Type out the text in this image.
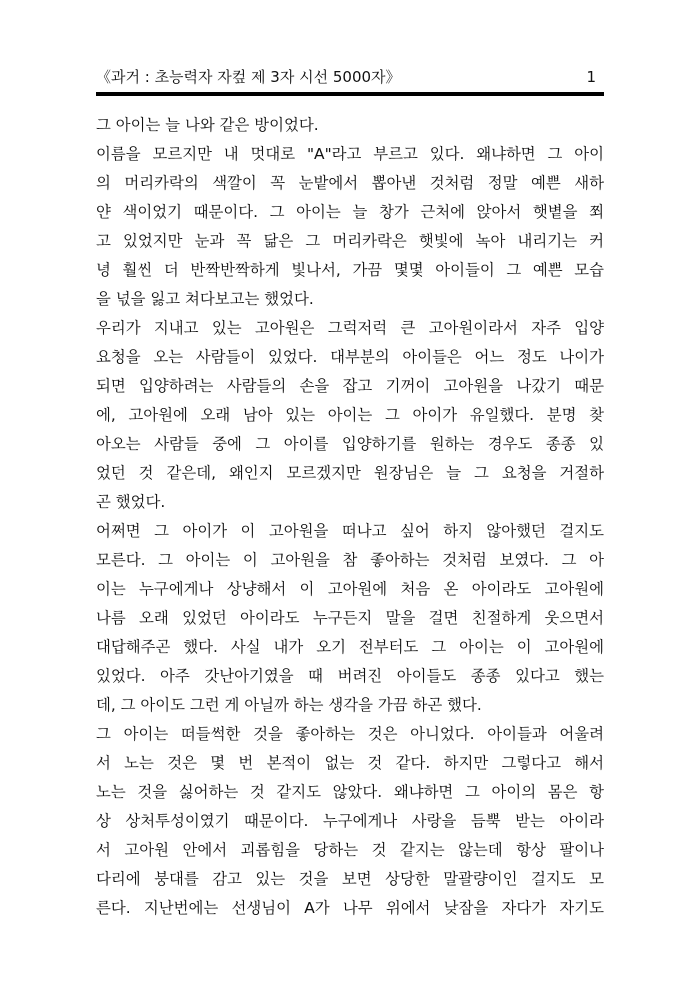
《과거 : 초능력자 자컾 제 3자 시선 5000자》	1
그 아이는 늘 나와 같은 방이었다.
이름을 모르지만 내 멋대로 "A"라고 부르고 있다. 왜냐하면 그 아이
의 머리카락의 색깔이 꼭 눈밭에서 뽑아낸 것처럼 정말 예쁜 새하
얀 색이었기 때문이다. 그 아이는 늘 창가 근처에 앉아서 햇볕을 쬐
고 있었지만 눈과 꼭 닮은 그 머리카락은 햇빛에 녹아 내리기는 커
녕 훨씬 더 반짝반짝하게 빛나서, 가끔 몇몇 아이들이 그 예쁜 모습
을 넋을 잃고 쳐다보고는 했었다.
우리가 지내고 있는 고아원은 그럭저럭 큰 고아원이라서 자주 입양
요청을 오는 사람들이 있었다. 대부분의 아이들은 어느 정도 나이가
되면 입양하려는 사람들의 손을 잡고 기꺼이 고아원을 나갔기 때문
에, 고아원에 오래 남아 있는 아이는 그 아이가 유일했다. 분명 찾
아오는 사람들 중에 그 아이를 입양하기를 원하는 경우도 종종 있
었던 것 같은데, 왜인지 모르겠지만 원장님은 늘 그 요청을 거절하
곤 했었다.
어쩌면 그 아이가 이 고아원을 떠나고 싶어 하지 않아했던 걸지도
모른다. 그 아이는 이 고아원을 참 좋아하는 것처럼 보였다. 그 아
이는 누구에게나 상냥해서 이 고아원에 처음 온 아이라도 고아원에
나름 오래 있었던 아이라도 누구든지 말을 걸면 친절하게 웃으면서
대답해주곤 했다. 사실 내가 오기 전부터도 그 아이는 이 고아원에
있었다. 아주 갓난아기였을 때 버려진 아이들도 종종 있다고 했는
데, 그 아이도 그런 게 아닐까 하는 생각을 가끔 하곤 했다.
그 아이는 떠들썩한 것을 좋아하는 것은 아니었다. 아이들과 어울려
서 노는 것은 몇 번 본적이 없는 것 같다. 하지만 그렇다고 해서
노는 것을 싫어하는 것 같지도 않았다. 왜냐하면 그 아이의 몸은 항
상 상처투성이였기 때문이다. 누구에게나 사랑을 듬뿍 받는 아이라
서 고아원 안에서 괴롭힘을 당하는 것 같지는 않는데 항상 팔이나
다리에 붕대를 감고 있는 것을 보면 상당한 말괄량이인 걸지도 모
른다. 지난번에는 선생님이 A가 나무 위에서 낮잠을 자다가 자기도
